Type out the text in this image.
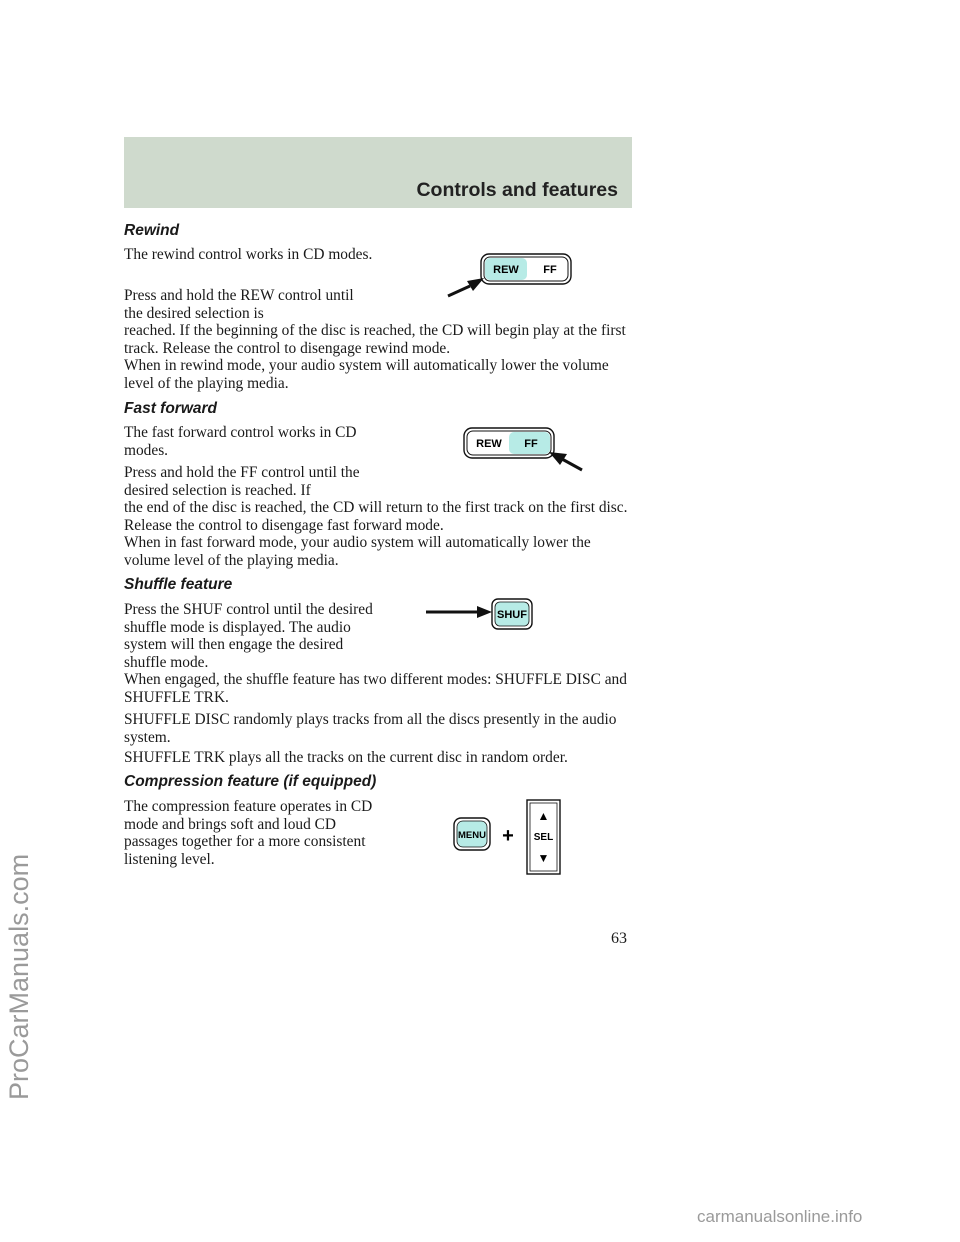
Controls and features
ProCarManuals.com
carmanualsonline.info
Rewind

The rewind control works in CD modes.

Press and hold the REW control until the desired selection is

reached. If the beginning of the disc is reached, the CD will begin play at the first track. Release the control to disengage rewind mode.

When in rewind mode, your audio system will automatically lower the volume level of the playing media.

REW FF
Fast forward

The fast forward control works in CD modes.

Press and hold the FF control until the desired selection is reached. If

the end of the disc is reached, the CD will return to the first track on the first disc. Release the control to disengage fast forward mode.

When in fast forward mode, your audio system will automatically lower the volume level of the playing media.

REW FF
Shuffle feature

Press the SHUF control until the desired shuffle mode is displayed. The audio system will then engage the desired shuffle mode.

When engaged, the shuffle feature has two different modes: SHUFFLE DISC and SHUFFLE TRK.

SHUFFLE DISC randomly plays tracks from all the discs presently in the audio system.

SHUFFLE TRK plays all the tracks on the current disc in random order.

SHUF
Compression feature (if equipped)

The compression feature operates in CD mode and brings soft and loud CD passages together for a more consistent listening level.

MENU +
▲
SEL
▼
63
